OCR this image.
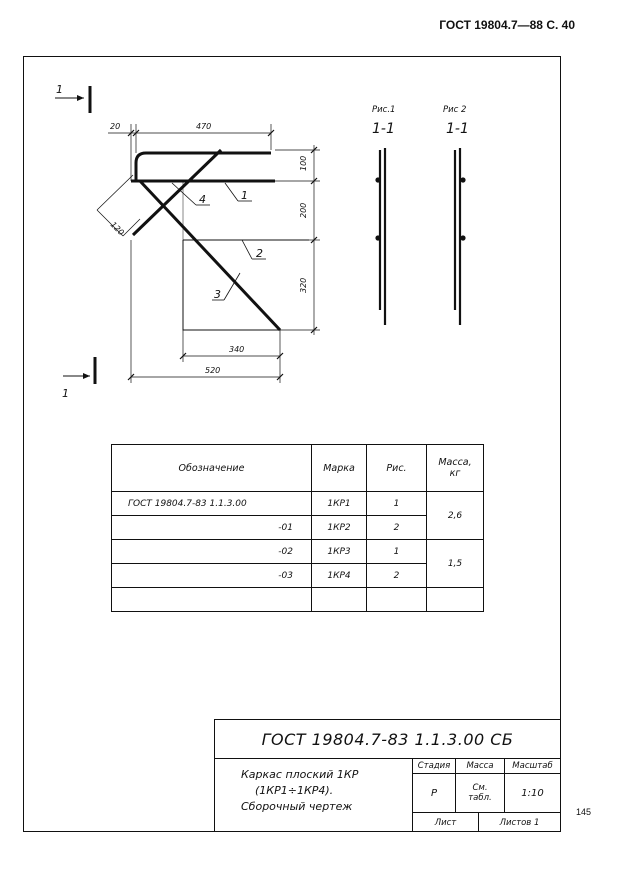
ГОСТ 19804.7—88 С. 40
145
1
1
20	470
100
200
320
120
340
520
4	1
2
3
Рис.1
1-1
Рис 2
1-1
Обозначение	Марка	Рис.	Масса,
кг

ГОСТ 19804.7-83 1.1.3.00	1КР1	1	2,6
-01	1КР2	2	
-02	1КР3	1	1,5
-03	1КР4	2	

ГОСТ 19804.7-83 1.1.3.00 СБ
Каркас плоский 1КР
(1КР1÷1КР4).
Сборочный чертеж
Стадия	Масса	Масштаб
Р	См. табл.	1:10
Лист	Листов 1
